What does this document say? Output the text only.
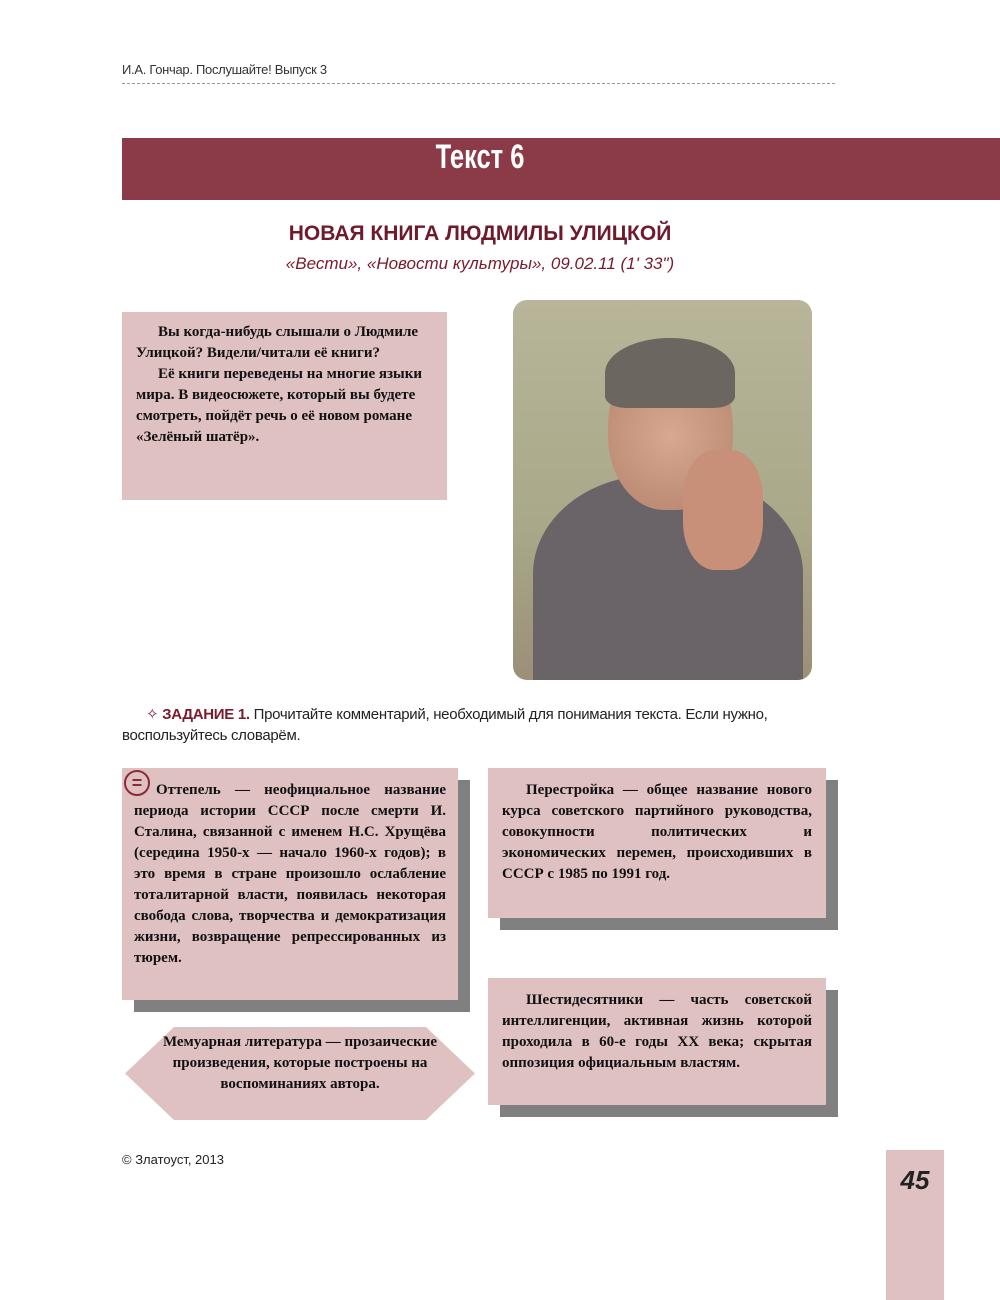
И.А. Гончар. Послушайте! Выпуск 3
Текст 6
НОВАЯ КНИГА ЛЮДМИЛЫ УЛИЦКОЙ
«Вести», «Новости культуры», 09.02.11 (1' 33")

Вы когда-нибудь слышали о Людмиле Улицкой? Видели/читали её книги?

Её книги переведены на многие языки мира. В видеосюжете, который вы будете смотреть, пойдёт речь о её новом романе «Зелёный шатёр».

✧ ЗАДАНИЕ 1. Прочитайте комментарий, необходимый для понимания текста. Если нужно, воспользуйтесь словарём.

Оттепель — неофициальное название периода истории СССР после смерти И. Сталина, связанной с именем Н.С. Хрущёва (середина 1950-х — начало 1960-х годов); в это время в стране произошло ослабление тоталитарной власти, появилась некоторая свобода слова, творчества и демократизация жизни, возвращение репрессированных из тюрем.

=	Перестройка — общее название нового курса советского партийного руководства, совокупности политических и экономических перемен, происходивших в СССР с 1985 по 1991 год.

Шестидесятники — часть советской интеллигенции, активная жизнь которой проходила в 60-е годы XX века; скрытая оппозиция официальным властям.

Мемуарная литература — прозаические произведения, которые построены на воспоминаниях автора.
© Златоуст, 2013
45
